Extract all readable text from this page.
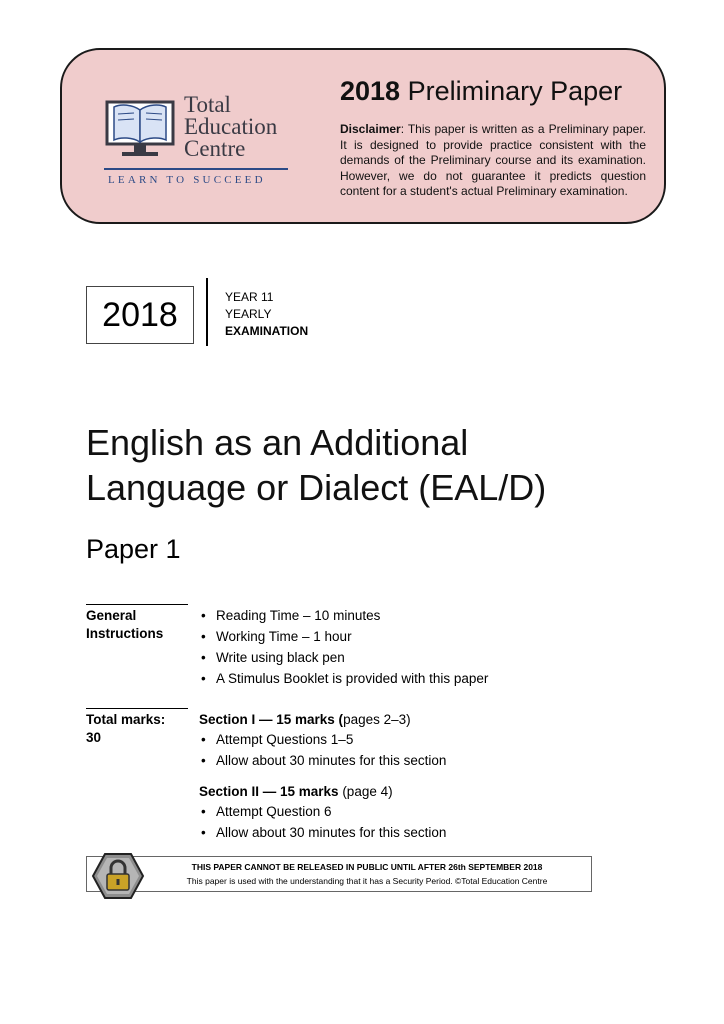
Total
Education
Centre
LEARN TO SUCCEED
2018 Preliminary Paper
Disclaimer: This paper is written as a Preliminary paper. It is designed to provide practice consistent with the demands of the Preliminary course and its examination. However, we do not guarantee it predicts question content for a student's actual Preliminary examination.
2018	YEAR 11
YEARLY
EXAMINATION
English as an Additional
Language or Dialect (EAL/D)
Paper 1
General
Instructions
• Reading Time – 10 minutes
• Working Time – 1 hour
• Write using black pen
• A Stimulus Booklet is provided with this paper
Total marks:
30
Section I — 15 marks (pages 2–3)
• Attempt Questions 1–5
• Allow about 30 minutes for this section
Section II — 15 marks (page 4)
• Attempt Question 6
• Allow about 30 minutes for this section
THIS PAPER CANNOT BE RELEASED IN PUBLIC UNTIL AFTER 26th SEPTEMBER 2018
This paper is used with the understanding that it has a Security Period. ©Total Education Centre
